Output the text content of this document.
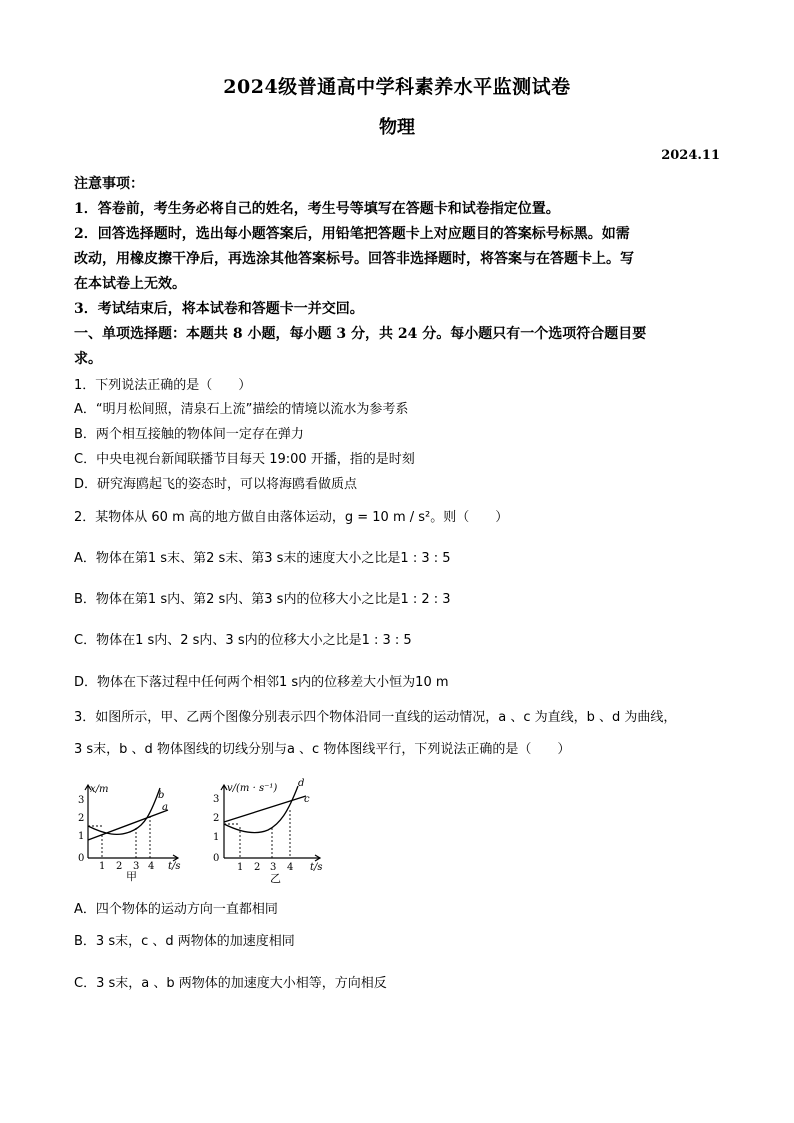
2024级普通高中学科素养水平监测试卷
物理
2024.11
注意事项：
1．答卷前，考生务必将自己的姓名，考生号等填写在答题卡和试卷指定位置。
2．回答选择题时，选出每小题答案后，用铅笔把答题卡上对应题目的答案标号标黑。如需
改动，用橡皮擦干净后，再选涂其他答案标号。回答非选择题时，将答案与在答题卡上。写
在本试卷上无效。
3．考试结束后，将本试卷和答题卡一并交回。
一、单项选择题：本题共 8 小题，每小题 3 分，共 24 分。每小题只有一个选项符合题目要
求。
1．下列说法正确的是（　　）
A．“明月松间照，清泉石上流”描绘的情境以流水为参考系
B．两个相互接触的物体间一定存在弹力
C．中央电视台新闻联播节目每天 19:00 开播，指的是时刻
D．研究海鸥起飞的姿态时，可以将海鸥看做质点
2．某物体从 60 m 高的地方做自由落体运动，g = 10 m / s²。则（　　）
A．物体在第1 s末、第2 s末、第3 s末的速度大小之比是1 : 3 : 5
B．物体在第1 s内、第2 s内、第3 s内的位移大小之比是1 : 2 : 3
C．物体在1 s内、2 s内、3 s内的位移大小之比是1 : 3 : 5
D．物体在下落过程中任何两个相邻1 s内的位移差大小恒为10 m
3．如图所示，甲、乙两个图像分别表示四个物体沿同一直线的运动情况，a 、c 为直线，b 、d 为曲线，
3 s末，b 、d 物体图线的切线分别与a 、c 物体图线平行，下列说法正确的是（　　）
x/m
3
2
1
0
1 2 3 4 t/s
a
b
甲
v/(m · s⁻¹)
3
2
1
0
1 2 3 4 t/s
c
d
乙
A．四个物体的运动方向一直都相同
B．3 s末，c 、d 两物体的加速度相同
C．3 s末，a 、b 两物体的加速度大小相等，方向相反
